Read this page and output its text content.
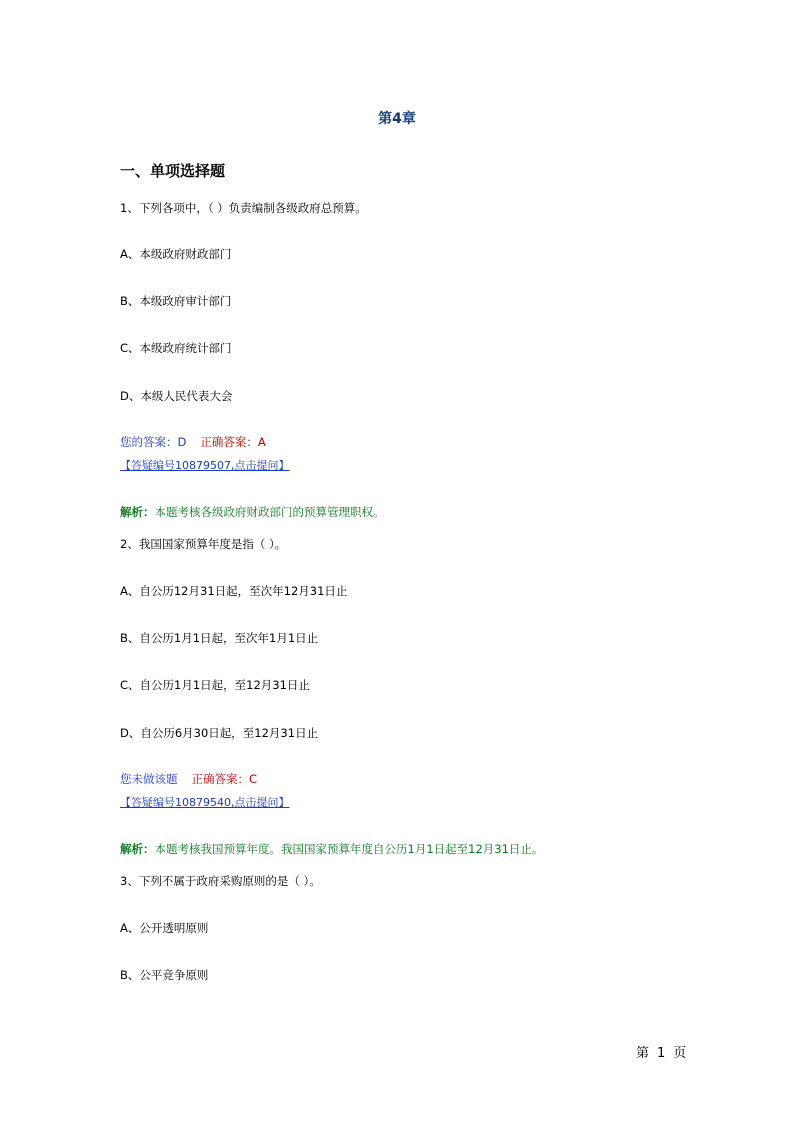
第4章
一、单项选择题
1、下列各项中，（ ）负责编制各级政府总预算。
A、本级政府财政部门
B、本级政府审计部门
C、本级政府统计部门
D、本级人民代表大会
您的答案：D 正确答案：A
【答疑编号10879507,点击提问】
解析：本题考核各级政府财政部门的预算管理职权。
2、我国国家预算年度是指（ ）。
A、自公历12月31日起，至次年12月31日止
B、自公历1月1日起，至次年1月1日止
C、自公历1月1日起，至12月31日止
D、自公历6月30日起，至12月31日止
您未做该题 正确答案：C
【答疑编号10879540,点击提问】
解析：本题考核我国预算年度。我国国家预算年度自公历1月1日起至12月31日止。
3、下列不属于政府采购原则的是（ ）。
A、公开透明原则
B、公平竞争原则
第 1 页
